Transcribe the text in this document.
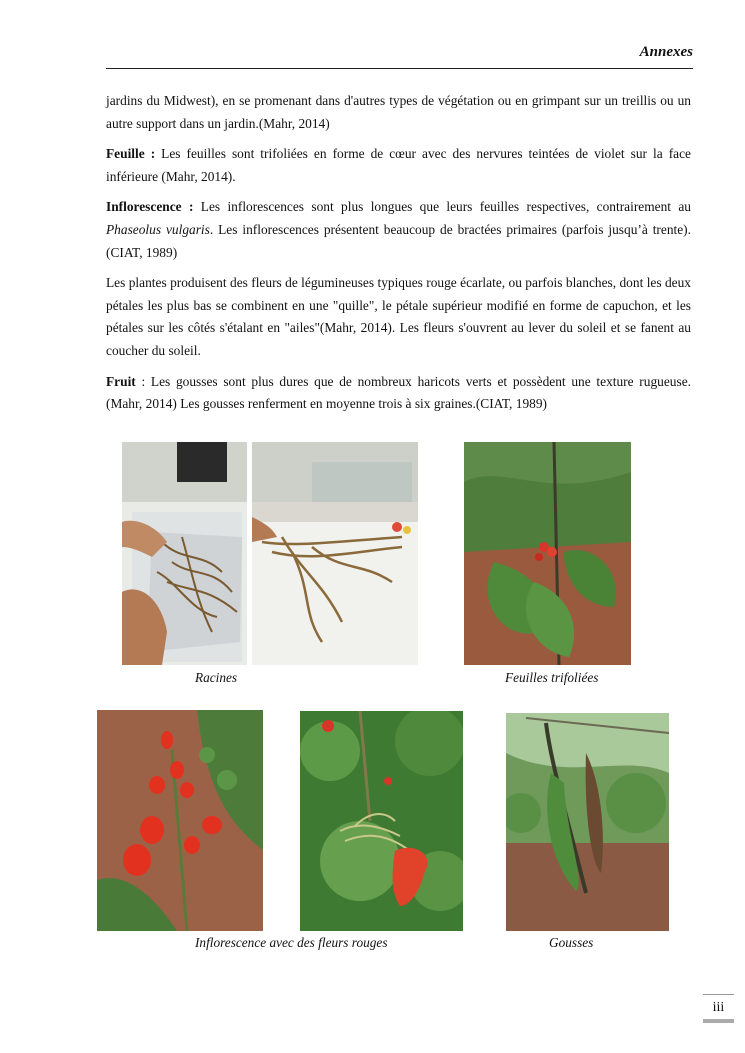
Annexes

jardins du Midwest), en se promenant dans d'autres types de végétation ou en grimpant sur un treillis ou un autre support dans un jardin.(Mahr, 2014)

Feuille : Les feuilles sont trifoliées en forme de cœur avec des nervures teintées de violet sur la face inférieure (Mahr, 2014).

Inflorescence : Les inflorescences sont plus longues que leurs feuilles respectives, contrairement au Phaseolus vulgaris. Les inflorescences présentent beaucoup de bractées primaires (parfois jusqu’à trente). (CIAT, 1989)

Les plantes produisent des fleurs de légumineuses typiques rouge écarlate, ou parfois blanches, dont les deux pétales les plus bas se combinent en une "quille", le pétale supérieur modifié en forme de capuchon, et les pétales sur les côtés s'étalant en "ailes"(Mahr, 2014). Les fleurs s'ouvrent au lever du soleil et se fanent au coucher du soleil.

Fruit : Les gousses sont plus dures que de nombreux haricots verts et possèdent une texture rugueuse. (Mahr, 2014) Les gousses renferment en moyenne trois à six graines.(CIAT, 1989)

Racines	Feuilles trifoliées
Inflorescence avec des fleurs rouges	Gousses
iii
